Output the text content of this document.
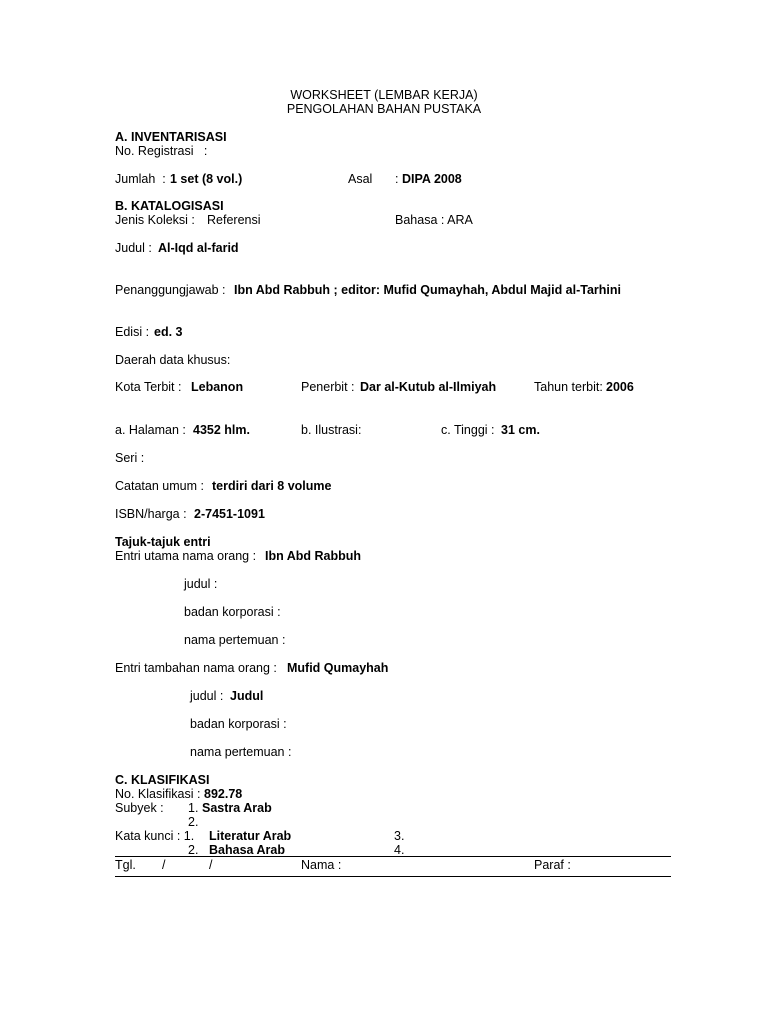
WORKSHEET (LEMBAR KERJA)
PENGOLAHAN BAHAN PUSTAKA
A. INVENTARISASI
No. Registrasi   :
Jumlah  : 1 set (8 vol.)	Asal : DIPA 2008
B. KATALOGISASI
Jenis Koleksi : Referensi	Bahasa : ARA
Judul : Al-Iqd al-farid
Penanggungjawab : Ibn Abd Rabbuh ; editor: Mufid Qumayhah, Abdul Majid al-Tarhini
Edisi : ed. 3
Daerah data khusus:
Kota Terbit : Lebanon	Penerbit : Dar al-Kutub al-Ilmiyah	Tahun terbit: 2006
a. Halaman : 4352 hlm.	b. Ilustrasi:	c. Tinggi : 31 cm.
Seri :
Catatan umum : terdiri dari 8 volume
ISBN/harga : 2-7451-1091
Tajuk-tajuk entri
Entri utama nama orang : Ibn Abd Rabbuh
judul :
badan korporasi :
nama pertemuan :
Entri tambahan nama orang : Mufid Qumayhah
judul : Judul
badan korporasi :
nama pertemuan :
C. KLASIFIKASI
No. Klasifikasi : 892.78
Subyek : 1. Sastra Arab
2.
Kata kunci : 1. Literatur Arab	3.
2. Bahasa Arab	4.
Tgl. /	/	Nama :	Paraf :
